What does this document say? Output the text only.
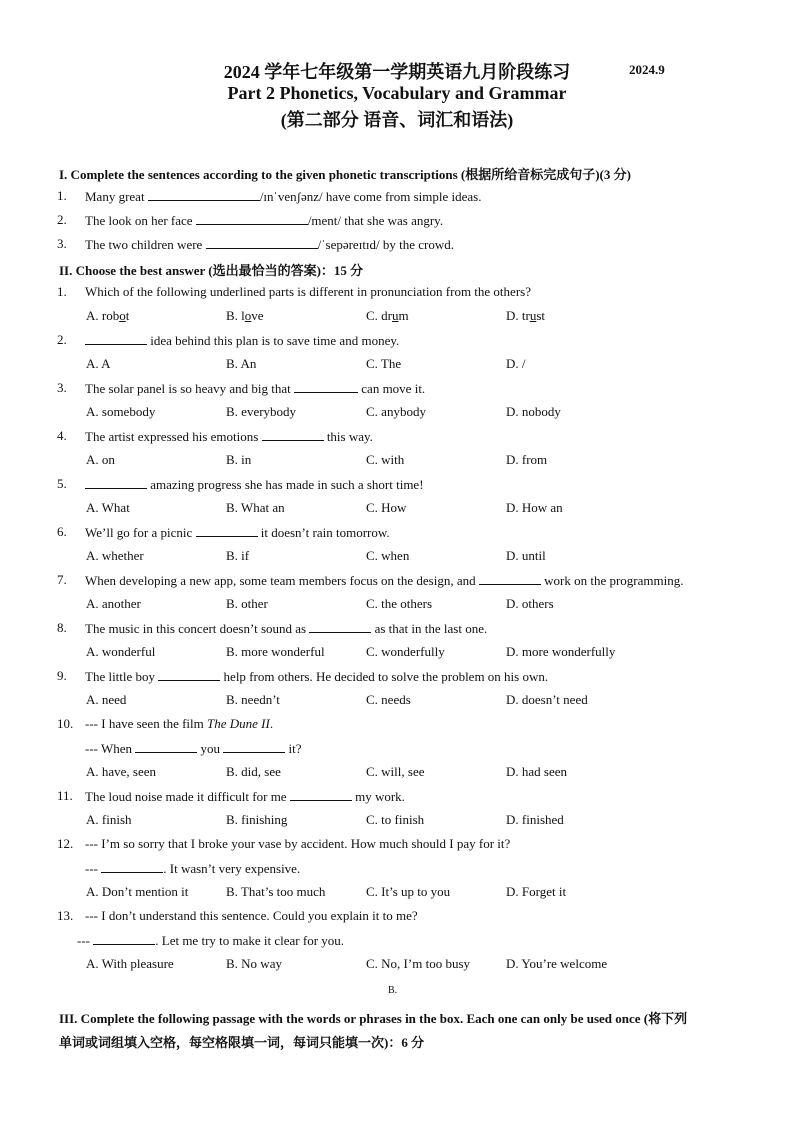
2024 学年七年级第一学期英语九月阶段练习	2024.9
Part 2 Phonetics, Vocabulary and Grammar
(第二部分 语音、词汇和语法)
I. Complete the sentences according to the given phonetic transcriptions (根据所给音标完成句子)(3 分)
1. Many great	/ɪnˈvenʃənz/ have come from simple ideas.
2. The look on her face	/ment/ that she was angry.
3. The two children were	/ˈsepəreɪtɪd/ by the crowd.
II. Choose the best answer (选出最恰当的答案)：15 分
1. Which of the following underlined parts is different in pronunciation from the others?
A. robot	B. love	C. drum	D. trust
2.	idea behind this plan is to save time and money.
A. A	B. An	C. The	D. /
3. The solar panel is so heavy and big that	can move it.
A. somebody	B. everybody	C. anybody	D. nobody
4. The artist expressed his emotions	this way.
A. on	B. in	C. with	D. from
5.	amazing progress she has made in such a short time!
A. What	B. What an	C. How	D. How an
6. We’ll go for a picnic	it doesn’t rain tomorrow.
A. whether	B. if	C. when	D. until
7. When developing a new app, some team members focus on the design, and	work on the programming.
A. another	B. other	C. the others	D. others
8. The music in this concert doesn’t sound as	as that in the last one.
A. wonderful	B. more wonderful	C. wonderfully	D. more wonderfully
9. The little boy	help from others. He decided to solve the problem on his own.
A. need	B. needn’t	C. needs	D. doesn’t need
10. --- I have seen the film The Dune II.
--- When	you	it?
A. have, seen	B. did, see	C. will, see	D. had seen
11. The loud noise made it difficult for me	my work.
A. finish	B. finishing	C. to finish	D. finished
12. --- I’m so sorry that I broke your vase by accident. How much should I pay for it?
---	. It wasn’t very expensive.
A. Don’t mention it	B. That’s too much	C. It’s up to you	D. Forget it
13. --- I don’t understand this sentence. Could you explain it to me?
---	. Let me try to make it clear for you.
A. With pleasure	B. No way	C. No, I’m too busy	D. You’re welcome
B.
III. Complete the following passage with the words or phrases in the box. Each one can only be used once (将下列
单词或词组填入空格，每空格限填一词，每词只能填一次)：6 分
